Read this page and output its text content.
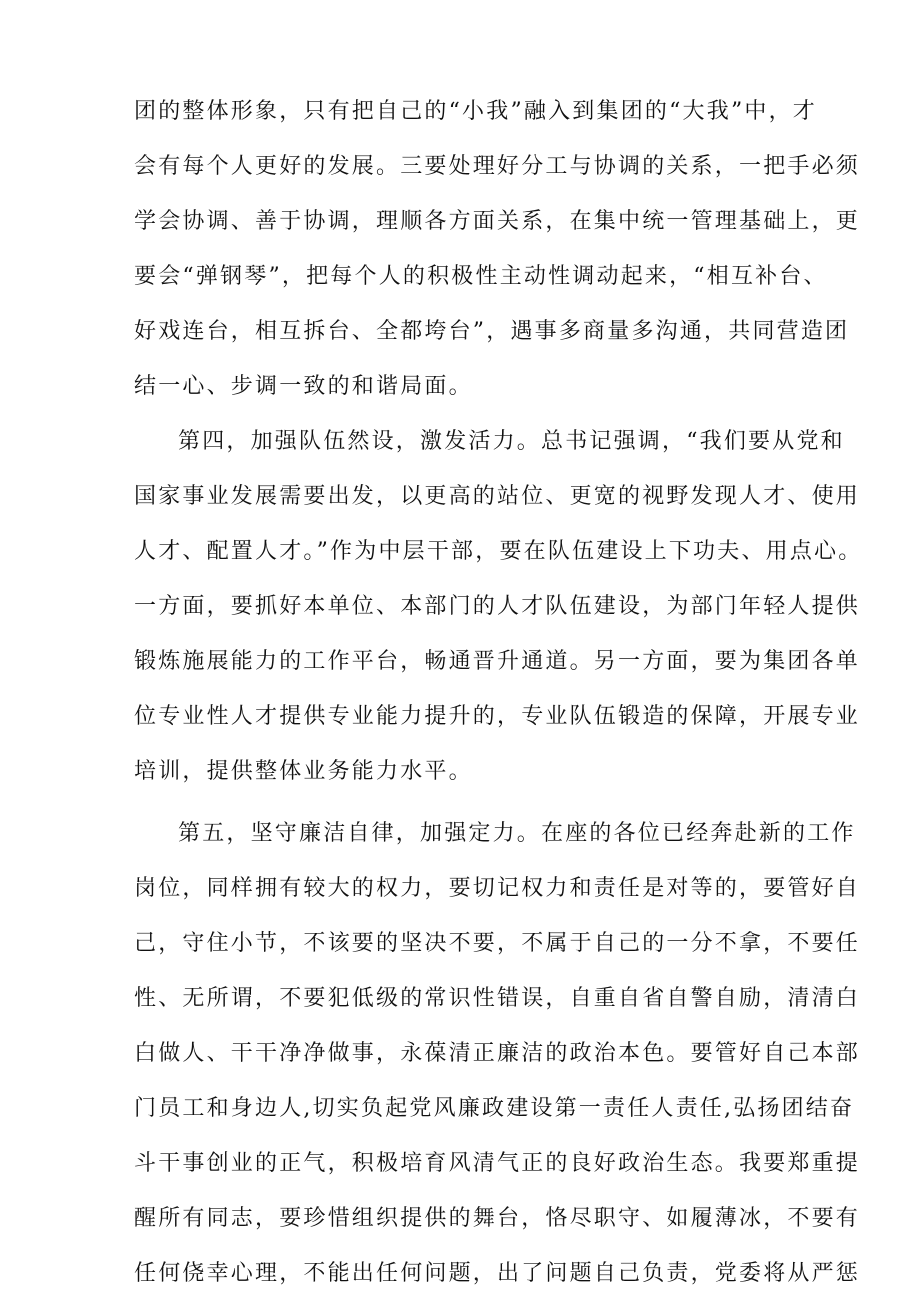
团的整体形象，只有把自己的“小我”融入到集团的“大我”中，才
会有每个人更好的发展。三要处理好分工与协调的关系，一把手必须
学会协调、善于协调，理顺各方面关系，在集中统一管理基础上，更
要会“弹钢琴”，把每个人的积极性主动性调动起来，“相互补台、
好戏连台，相互拆台、全都垮台”，遇事多商量多沟通，共同营造团
结一心、步调一致的和谐局面。
第四，加强队伍然设，激发活力。总书记强调，“我们要从党和
国家事业发展需要出发，以更高的站位、更宽的视野发现人才、使用
人才、配置人才。”作为中层干部，要在队伍建设上下功夫、用点心。
一方面，要抓好本单位、本部门的人才队伍建设，为部门年轻人提供
锻炼施展能力的工作平台，畅通晋升通道。另一方面，要为集团各单
位专业性人才提供专业能力提升的，专业队伍锻造的保障，开展专业
培训，提供整体业务能力水平。
第五，坚守廉洁自律，加强定力。在座的各位已经奔赴新的工作
岗位，同样拥有较大的权力，要切记权力和责任是对等的，要管好自
己，守住小节，不该要的坚决不要，不属于自己的一分不拿，不要任
性、无所谓，不要犯低级的常识性错误，自重自省自警自励，清清白
白做人、干干净净做事，永葆清正廉洁的政治本色。要管好自己本部
门员工和身边人,切实负起党风廉政建设第一责任人责任,弘扬团结奋
斗干事创业的正气，积极培育风清气正的良好政治生态。我要郑重提
醒所有同志，要珍惜组织提供的舞台，恪尽职守、如履薄冰，不要有
任何侥幸心理，不能出任何问题，出了问题自己负责，党委将从严惩
